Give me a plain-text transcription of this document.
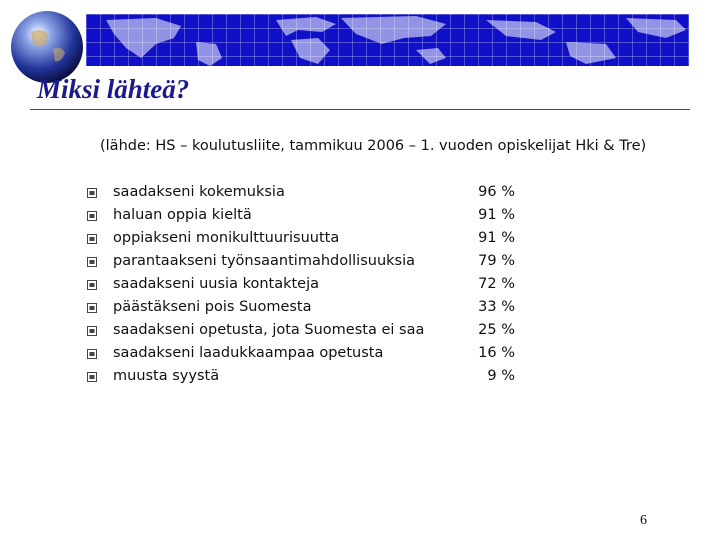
Miksi lähteä?
(lähde: HS – koulutusliite, tammikuu 2006 – 1. vuoden opiskelijat Hki & Tre)
saadakseni kokemuksia	96 %
haluan oppia kieltä	91 %
oppiakseni monikulttuurisuutta	91 %
parantaakseni työnsaantimahdollisuuksia	79 %
saadakseni uusia kontakteja	72 %
päästäkseni pois Suomesta	33 %
saadakseni opetusta, jota Suomesta ei saa	25 %
saadakseni laadukkaampaa opetusta	16 %
muusta syystä	9 %
6
